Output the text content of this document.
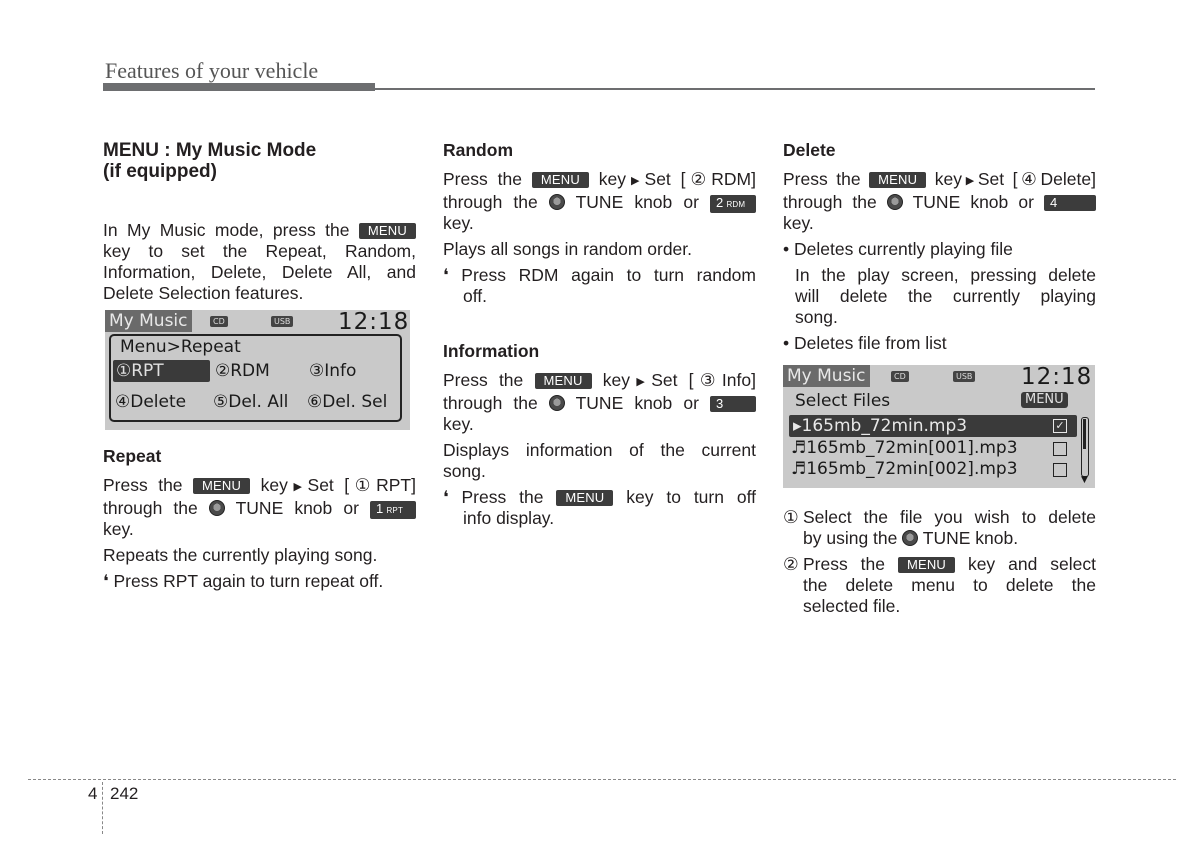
Features of your vehicle

MENU : My Music Mode

(if equipped)

In My Music mode, press the MENU

key to set the Repeat, Random,

Information, Delete, Delete All, and

Delete Selection features.

Repeat

Press the MENU key▶Set [①RPT]

through the TUNE knob or 1 RPT

key.

Repeats the currently playing song.

❛ Press RPT again to turn repeat off.

My Music	CD	USB 12:18
Menu>Repeat
①RPT	②RDM ③Info
④Delete ⑤Del. All ⑥Del. Sel

Random

Press the MENU key▶Set [②RDM]

through the TUNE knob or 2 RDM

key.

Plays all songs in random order.

❛ Press RDM again to turn random

off.

Information

Press the MENU key▶Set [③Info]

through the TUNE knob or 3

key.

Displays information of the current

song.

❛ Press the MENU key to turn off

info display.

Delete

Press the MENU key▶Set [④Delete]

through the TUNE knob or 4

key.

• Deletes currently playing file

In the play screen, pressing delete

will delete the currently playing

song.

• Deletes file from list

① Select the file you wish to delete

by using the TUNE knob.

② Press the MENU key and select

the delete menu to delete the

selected file.

My Music	CD	USB 12:18
Select Files	MENU
▸165mb_72min.mp3	✓
♬165mb_72min[001].mp3
♬165mb_72min[002].mp3
▼
4 242
